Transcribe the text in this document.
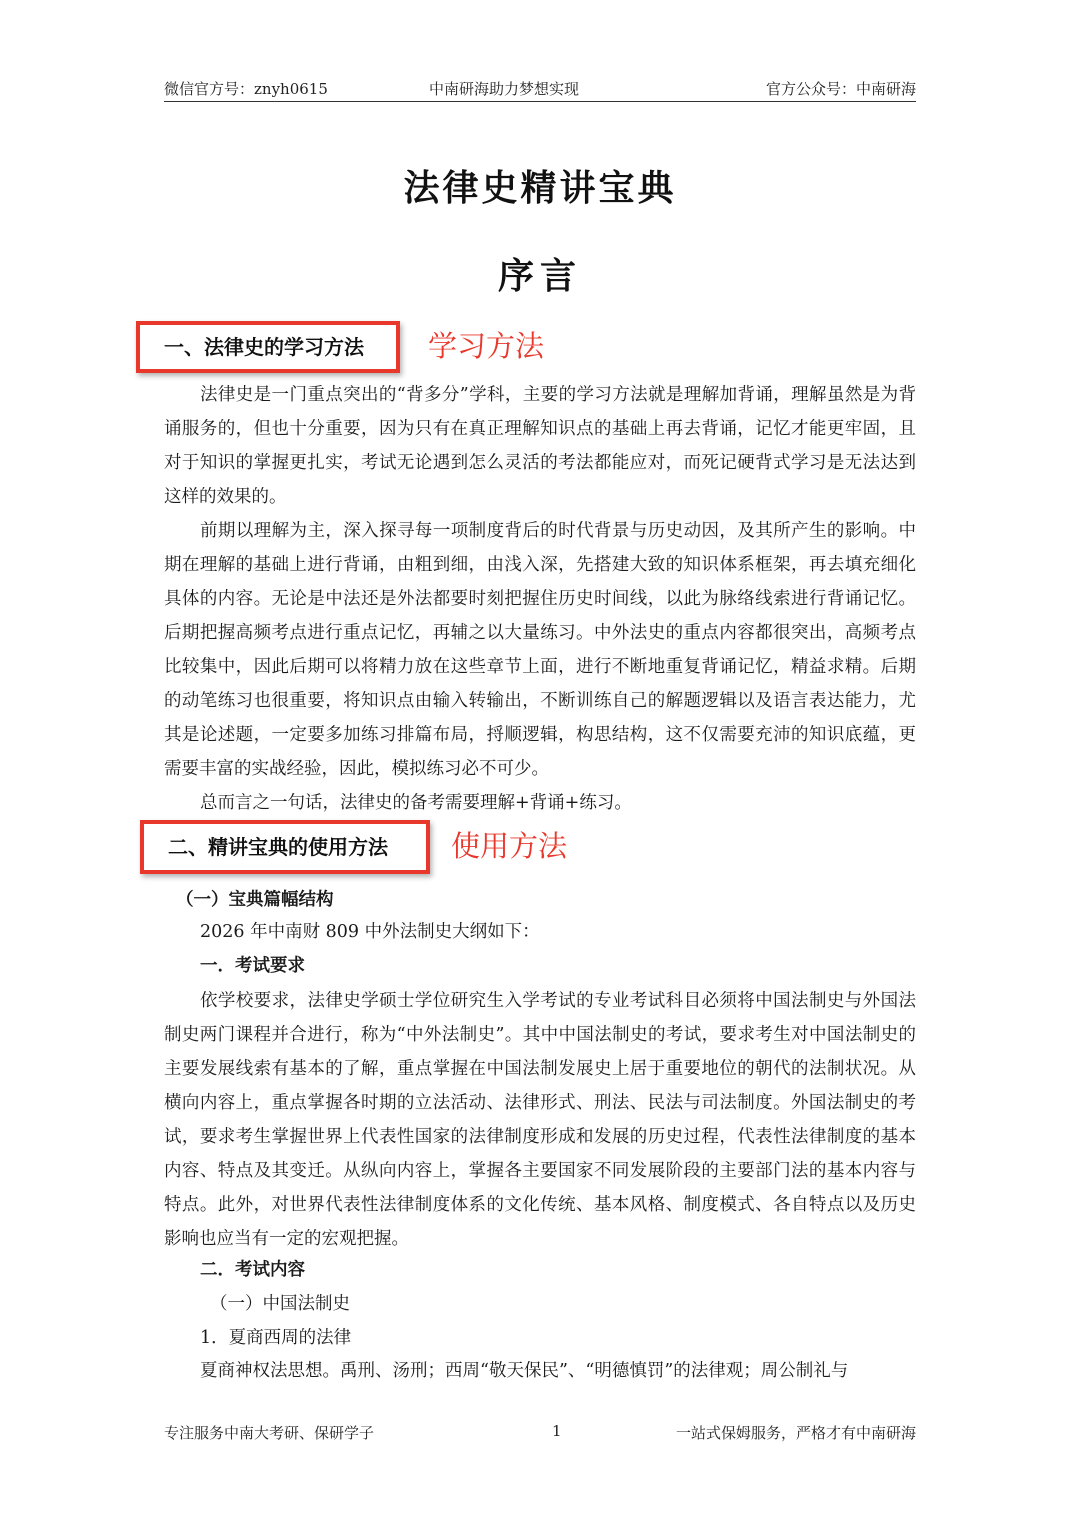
微信官方号：znyh0615	中南研海助力梦想实现	官方公众号：中南研海
法律史精讲宝典
序言
一、法律史的学习方法	学习方法

法律史是一门重点突出的“背多分”学科，主要的学习方法就是理解加背诵，理解虽然是为背诵服务的，但也十分重要，因为只有在真正理解知识点的基础上再去背诵，记忆才能更牢固，且对于知识的掌握更扎实，考试无论遇到怎么灵活的考法都能应对，而死记硬背式学习是无法达到这样的效果的。

前期以理解为主，深入探寻每一项制度背后的时代背景与历史动因，及其所产生的影响。中期在理解的基础上进行背诵，由粗到细，由浅入深，先搭建大致的知识体系框架，再去填充细化具体的内容。无论是中法还是外法都要时刻把握住历史时间线，以此为脉络线索进行背诵记忆。后期把握高频考点进行重点记忆，再辅之以大量练习。中外法史的重点内容都很突出，高频考点比较集中，因此后期可以将精力放在这些章节上面，进行不断地重复背诵记忆，精益求精。后期的动笔练习也很重要，将知识点由输入转输出，不断训练自己的解题逻辑以及语言表达能力，尤其是论述题，一定要多加练习排篇布局，捋顺逻辑，构思结构，这不仅需要充沛的知识底蕴，更需要丰富的实战经验，因此，模拟练习必不可少。

总而言之一句话，法律史的备考需要理解+背诵+练习。

二、精讲宝典的使用方法	使用方法
（一）宝典篇幅结构
2026 年中南财 809 中外法制史大纲如下：
一．考试要求

依学校要求，法律史学硕士学位研究生入学考试的专业考试科目必须将中国法制史与外国法制史两门课程并合进行，称为“中外法制史”。其中中国法制史的考试，要求考生对中国法制史的主要发展线索有基本的了解，重点掌握在中国法制发展史上居于重要地位的朝代的法制状况。从横向内容上，重点掌握各时期的立法活动、法律形式、刑法、民法与司法制度。外国法制史的考试，要求考生掌握世界上代表性国家的法律制度形成和发展的历史过程，代表性法律制度的基本内容、特点及其变迁。从纵向内容上，掌握各主要国家不同发展阶段的主要部门法的基本内容与特点。此外，对世界代表性法律制度体系的文化传统、基本风格、制度模式、各自特点以及历史影响也应当有一定的宏观把握。

二．考试内容
（一）中国法制史
1．夏商西周的法律
夏商神权法思想。禹刑、汤刑；西周“敬天保民”、“明德慎罚”的法律观；周公制礼与
专注服务中南大考研、保研学子	1	一站式保姆服务，严格才有中南研海
